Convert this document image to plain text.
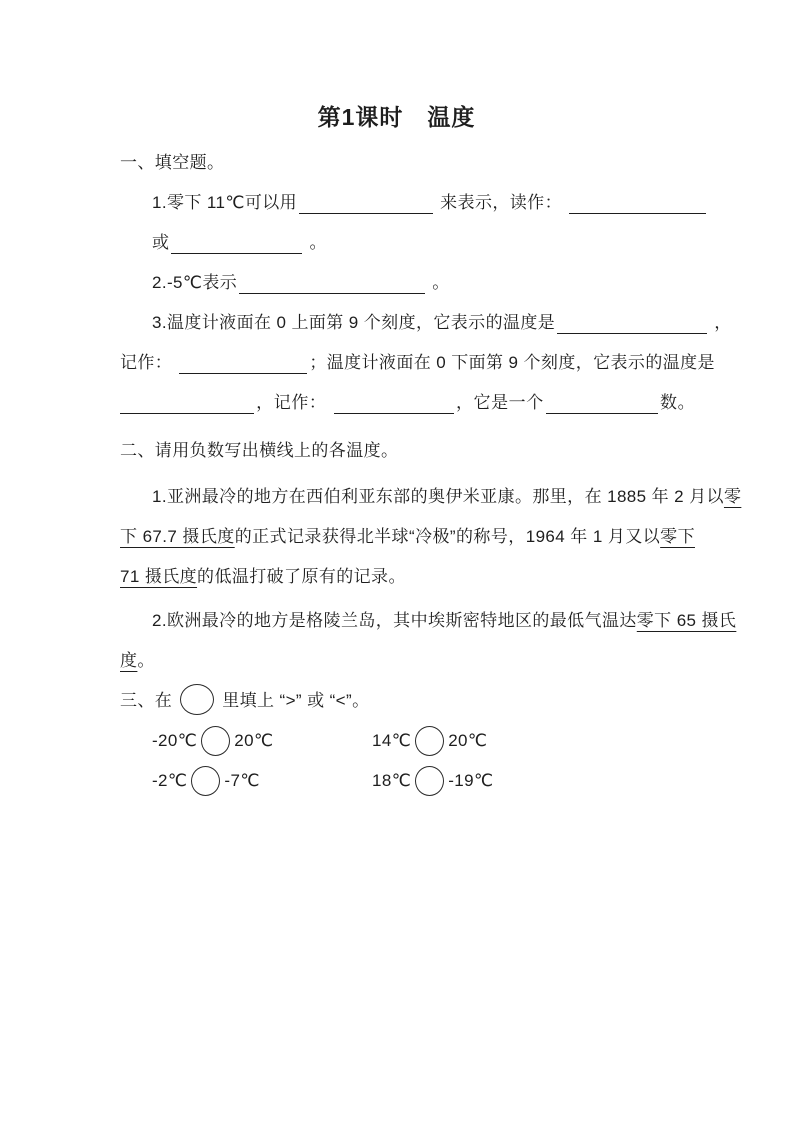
第1课时　温度
一、填空题。
1.零下 11℃可以用	来表示，读作：
或	。
2.-5℃表示	。
3.温度计液面在 0 上面第 9 个刻度，它表示的温度是	，
记作：	；温度计液面在 0 下面第 9 个刻度，它表示的温度是
，记作：	，它是一个	数。
二、请用负数写出横线上的各温度。
1.亚洲最冷的地方在西伯利亚东部的奥伊米亚康。那里，在 1885 年 2 月以零
下 67.7 摄氏度的正式记录获得北半球“冷极”的称号，1964 年 1 月又以零下
71 摄氏度的低温打破了原有的记录。
2.欧洲最冷的地方是格陵兰岛，其中埃斯密特地区的最低气温达零下 65 摄氏
度。
三、在	里填上 “>” 或 “<”。
-20℃ 20℃	14℃ 20℃
-2℃ -7℃	18℃ -19℃
